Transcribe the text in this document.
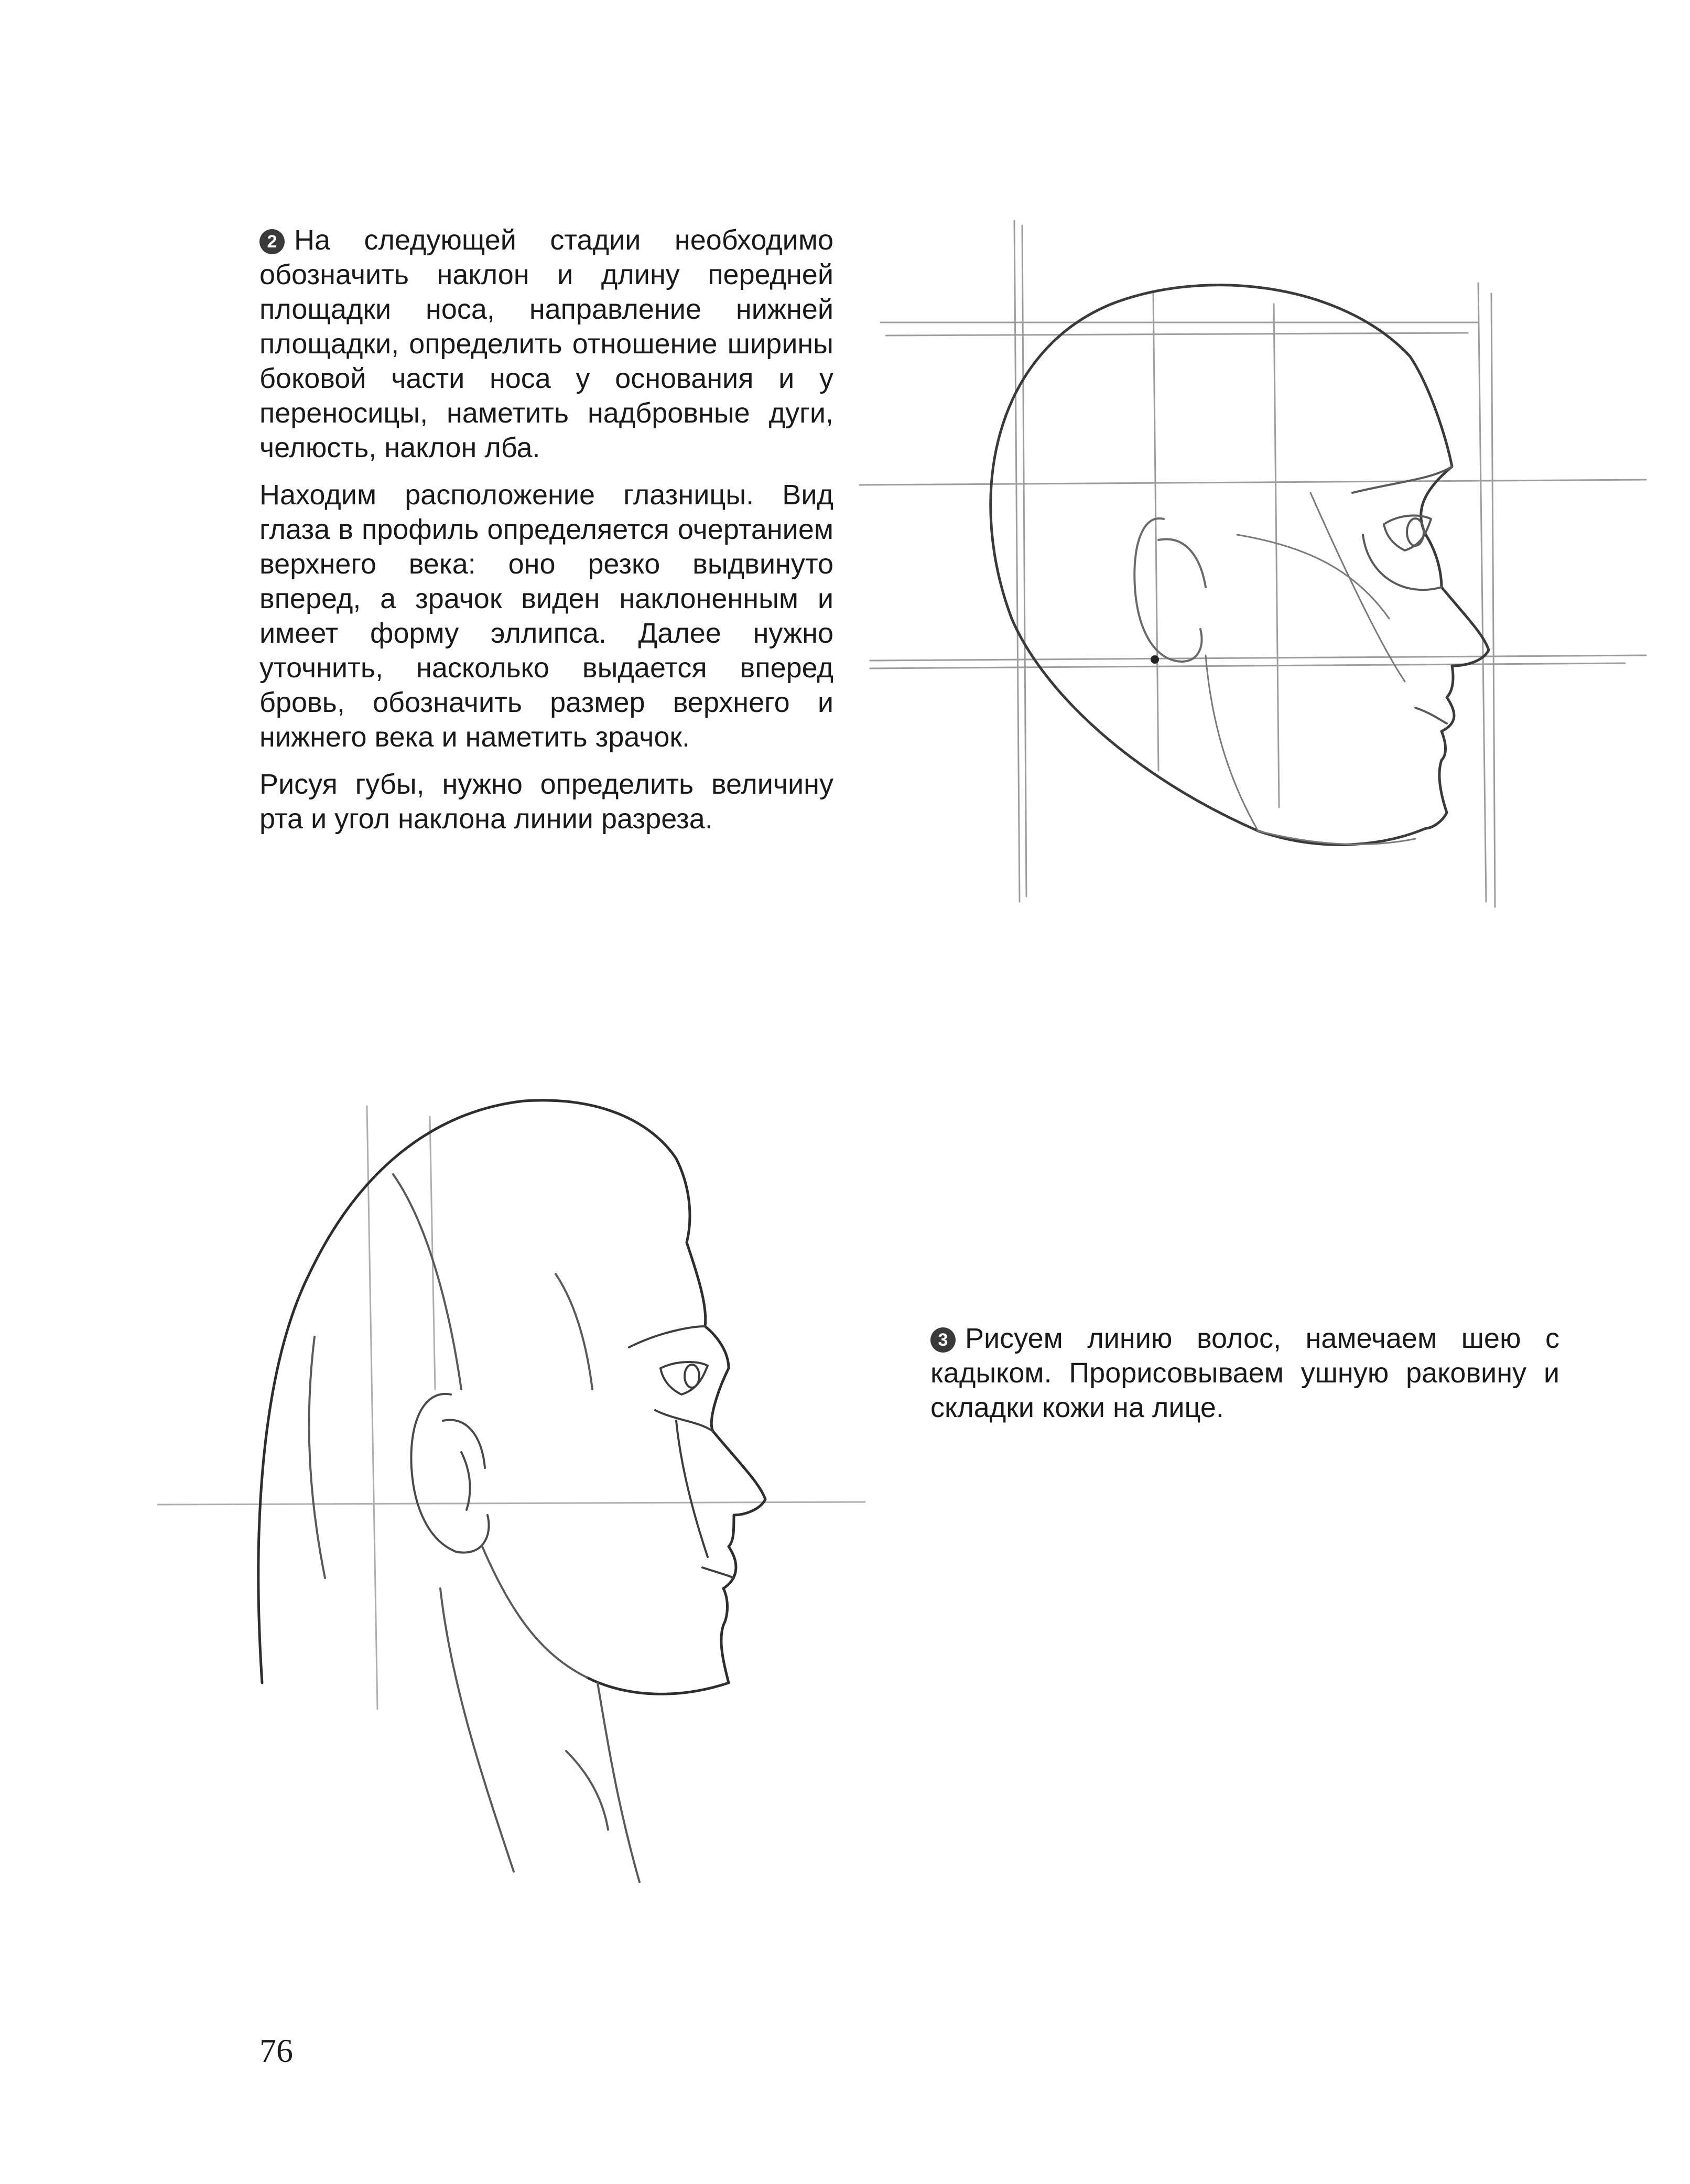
2 На следующей стадии необходимо обозначить наклон и длину передней площадки носа, направление нижней площадки, определить отношение ширины боковой части носа у основания и у переносицы, наметить надбровные дуги, челюсть, наклон лба.

Находим расположение глазницы. Вид глаза в профиль определяется очертанием верхнего века: оно резко выдвинуто вперед, а зрачок виден наклоненным и имеет форму эллипса. Далее нужно уточнить, насколько выдается вперед бровь, обозначить размер верхнего и нижнего века и наметить зрачок.

Рисуя губы, нужно определить величину рта и угол наклона линии разреза.

3 Рисуем линию волос, намечаем шею с кадыком. Прорисовываем ушную раковину и складки кожи на лице.

76
